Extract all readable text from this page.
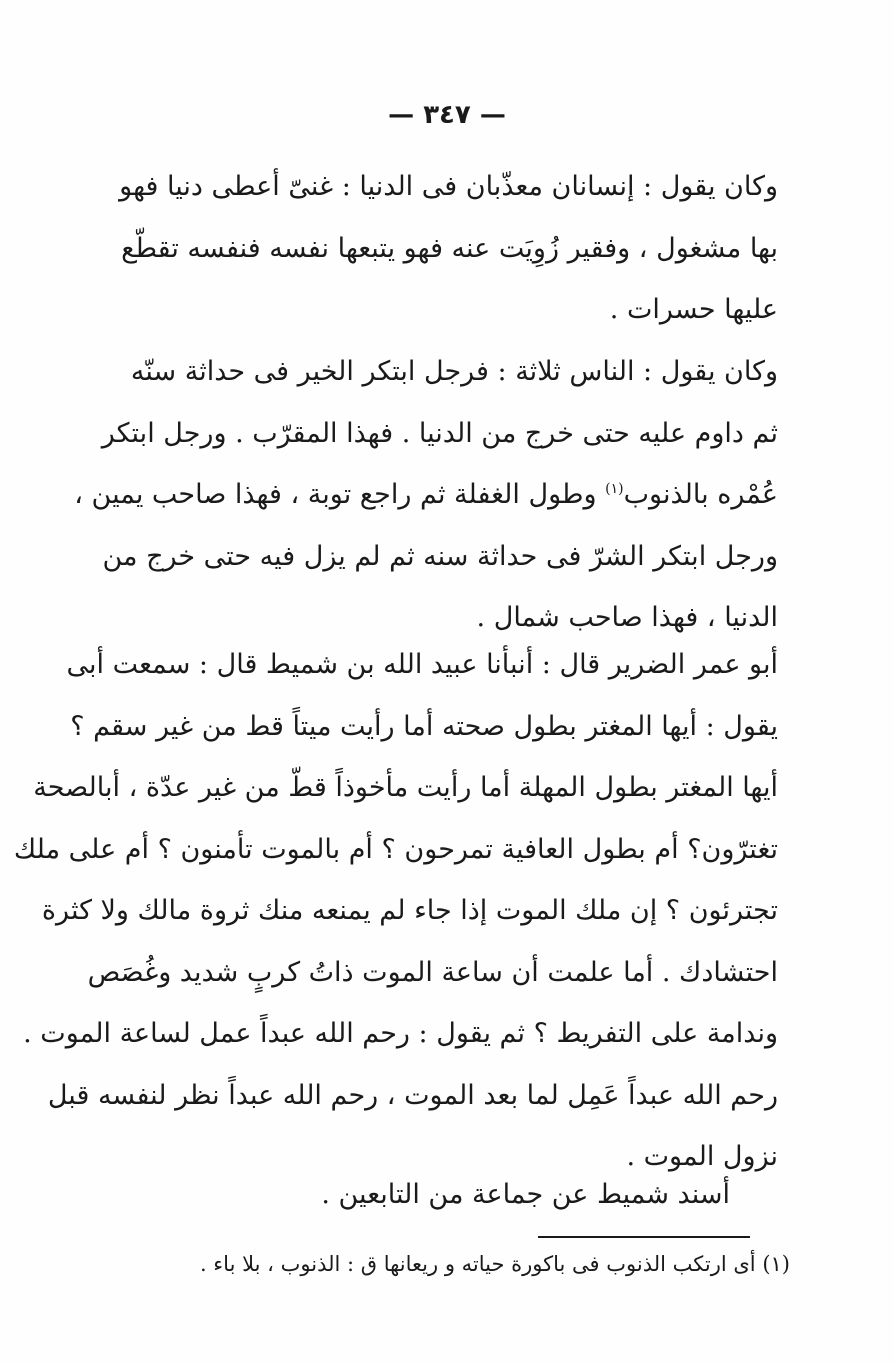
— ٣٤٧ —
وكان يقول : إنسانان معذّبان فى الدنيا : غنىّ أعطى دنيا فهو
بها مشغول ، وفقير زُوِيَت عنه فهو يتبعها نفسه فنفسه تقطّع
عليها حسرات .
وكان يقول : الناس ثلاثة : فرجل ابتكر الخير فى حداثة سنّه
ثم داوم عليه حتى خرج من الدنيا . فهذا المقرّب . ورجل ابتكر
عُمْره بالذنوب$^{(١)}$ وطول الغفلة ثم راجع توبة ، فهذا صاحب يمين ،
ورجل ابتكر الشرّ فى حداثة سنه ثم لم يزل فيه حتى خرج من
الدنيا ، فهذا صاحب شمال .
أبو عمر الضرير قال : أنبأنا عبيد الله بن شميط قال : سمعت أبى
يقول : أيها المغتر بطول صحته أما رأيت ميتاً قط من غير سقم ؟
أيها المغتر بطول المهلة أما رأيت مأخوذاً قطّ من غير عدّة ، أبالصحة
تغترّون؟ أم بطول العافية تمرحون ؟ أم بالموت تأمنون ؟ أم على ملك
تجترئون ؟ إن ملك الموت إذا جاء لم يمنعه منك ثروة مالك ولا كثرة
احتشادك . أما علمت أن ساعة الموت ذاتُ كربٍ شديد وغُصَص
وندامة على التفريط ؟ ثم يقول : رحم الله عبداً عمل لساعة الموت .
رحم الله عبداً عَمِل لما بعد الموت ، رحم الله عبداً نظر لنفسه قبل
نزول الموت .
أسند شميط عن جماعة من التابعين .
(١) أى ارتكب الذنوب فى باكورة حياته و ريعانها ق : الذنوب ، بلا باء .
